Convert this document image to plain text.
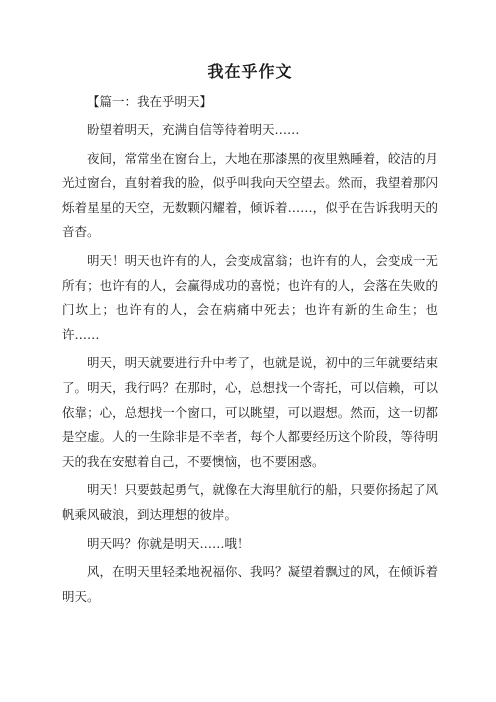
我在乎作文

【篇一：我在乎明天】

盼望着明天，充满自信等待着明天……

夜间，常常坐在窗台上，大地在那漆黑的夜里熟睡着，皎洁的月光过窗台，直射着我的脸，似乎叫我向天空望去。然而，我望着那闪烁着星星的天空，无数颗闪耀着，倾诉着……，似乎在告诉我明天的音杳。

明天！明天也许有的人，会变成富翁；也许有的人，会变成一无所有；也许有的人，会赢得成功的喜悦；也许有的人，会落在失败的门坎上；也许有的人，会在病痛中死去；也许有新的生命生；也许……

明天，明天就要进行升中考了，也就是说，初中的三年就要结束了。明天，我行吗？在那时，心，总想找一个寄托，可以信赖，可以依靠；心，总想找一个窗口，可以眺望，可以遐想。然而，这一切都是空虚。人的一生除非是不幸者，每个人都要经历这个阶段，等待明天的我在安慰着自己，不要懊恼，也不要困惑。

明天！只要鼓起勇气，就像在大海里航行的船，只要你扬起了风帆乘风破浪，到达理想的彼岸。

明天吗？你就是明天……哦！

风，在明天里轻柔地祝福你、我吗？凝望着飘过的风，在倾诉着明天。
